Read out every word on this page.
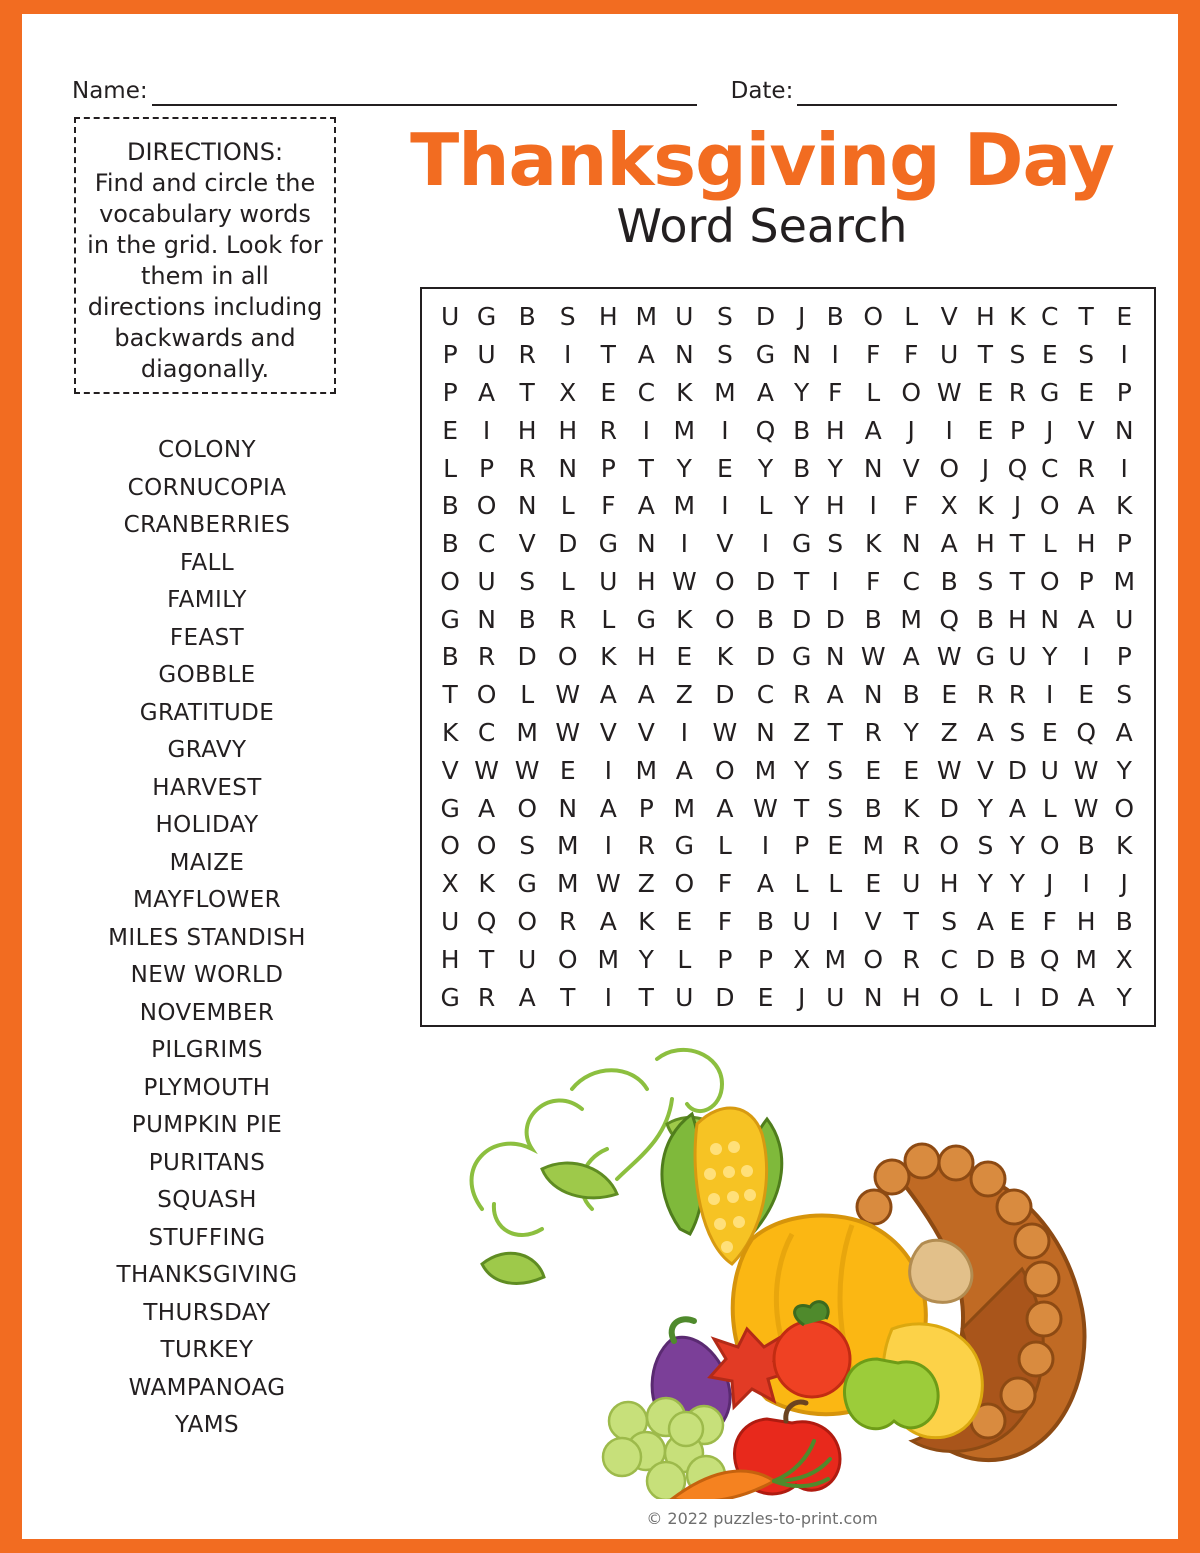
Name:	Date:

DIRECTIONS:
Find and circle the vocabulary words in the grid. Look for them in all directions including backwards and diagonally.

COLONY
CORNUCOPIA
CRANBERRIES
FALL
FAMILY
FEAST
GOBBLE
GRATITUDE
GRAVY
HARVEST
HOLIDAY
MAIZE
MAYFLOWER
MILES STANDISH
NEW WORLD
NOVEMBER
PILGRIMS
PLYMOUTH
PUMPKIN PIE
PURITANS
SQUASH
STUFFING
THANKSGIVING
THURSDAY
TURKEY
WAMPANOAG
YAMS
Thanksgiving Day
Word Search
U	G	B	S	H	M	U	S	D	J	B	O	L	V	H	K	C	T	E
P	U	R	I	T	A	N	S	G	N	I	F	F	U	T	S	E	S	I
P	A	T	X	E	C	K	M	A	Y	F	L	O	W	E	R	G	E	P
E	I	H	H	R	I	M	I	Q	B	H	A	J	I	E	P	J	V	N
L	P	R	N	P	T	Y	E	Y	B	Y	N	V	O	J	Q	C	R	I
B	O	N	L	F	A	M	I	L	Y	H	I	F	X	K	J	O	A	K
B	C	V	D	G	N	I	V	I	G	S	K	N	A	H	T	L	H	P
O	U	S	L	U	H	W	O	D	T	I	F	C	B	S	T	O	P	M
G	N	B	R	L	G	K	O	B	D	D	B	M	Q	B	H	N	A	U
B	R	D	O	K	H	E	K	D	G	N	W	A	W	G	U	Y	I	P
T	O	L	W	A	A	Z	D	C	R	A	N	B	E	R	R	I	E	S
K	C	M	W	V	V	I	W	N	Z	T	R	Y	Z	A	S	E	Q	A
V	W	W	E	I	M	A	O	M	Y	S	E	E	W	V	D	U	W	Y
G	A	O	N	A	P	M	A	W	T	S	B	K	D	Y	A	L	W	O
O	O	S	M	I	R	G	L	I	P	E	M	R	O	S	Y	O	B	K
X	K	G	M	W	Z	O	F	A	L	L	E	U	H	Y	Y	J	I	J
U	Q	O	R	A	K	E	F	B	U	I	V	T	S	A	E	F	H	B
H	T	U	O	M	Y	L	P	P	X	M	O	R	C	D	B	Q	M	X
G	R	A	T	I	T	U	D	E	J	U	N	H	O	L	I	D	A	Y
© 2022 puzzles-to-print.com
